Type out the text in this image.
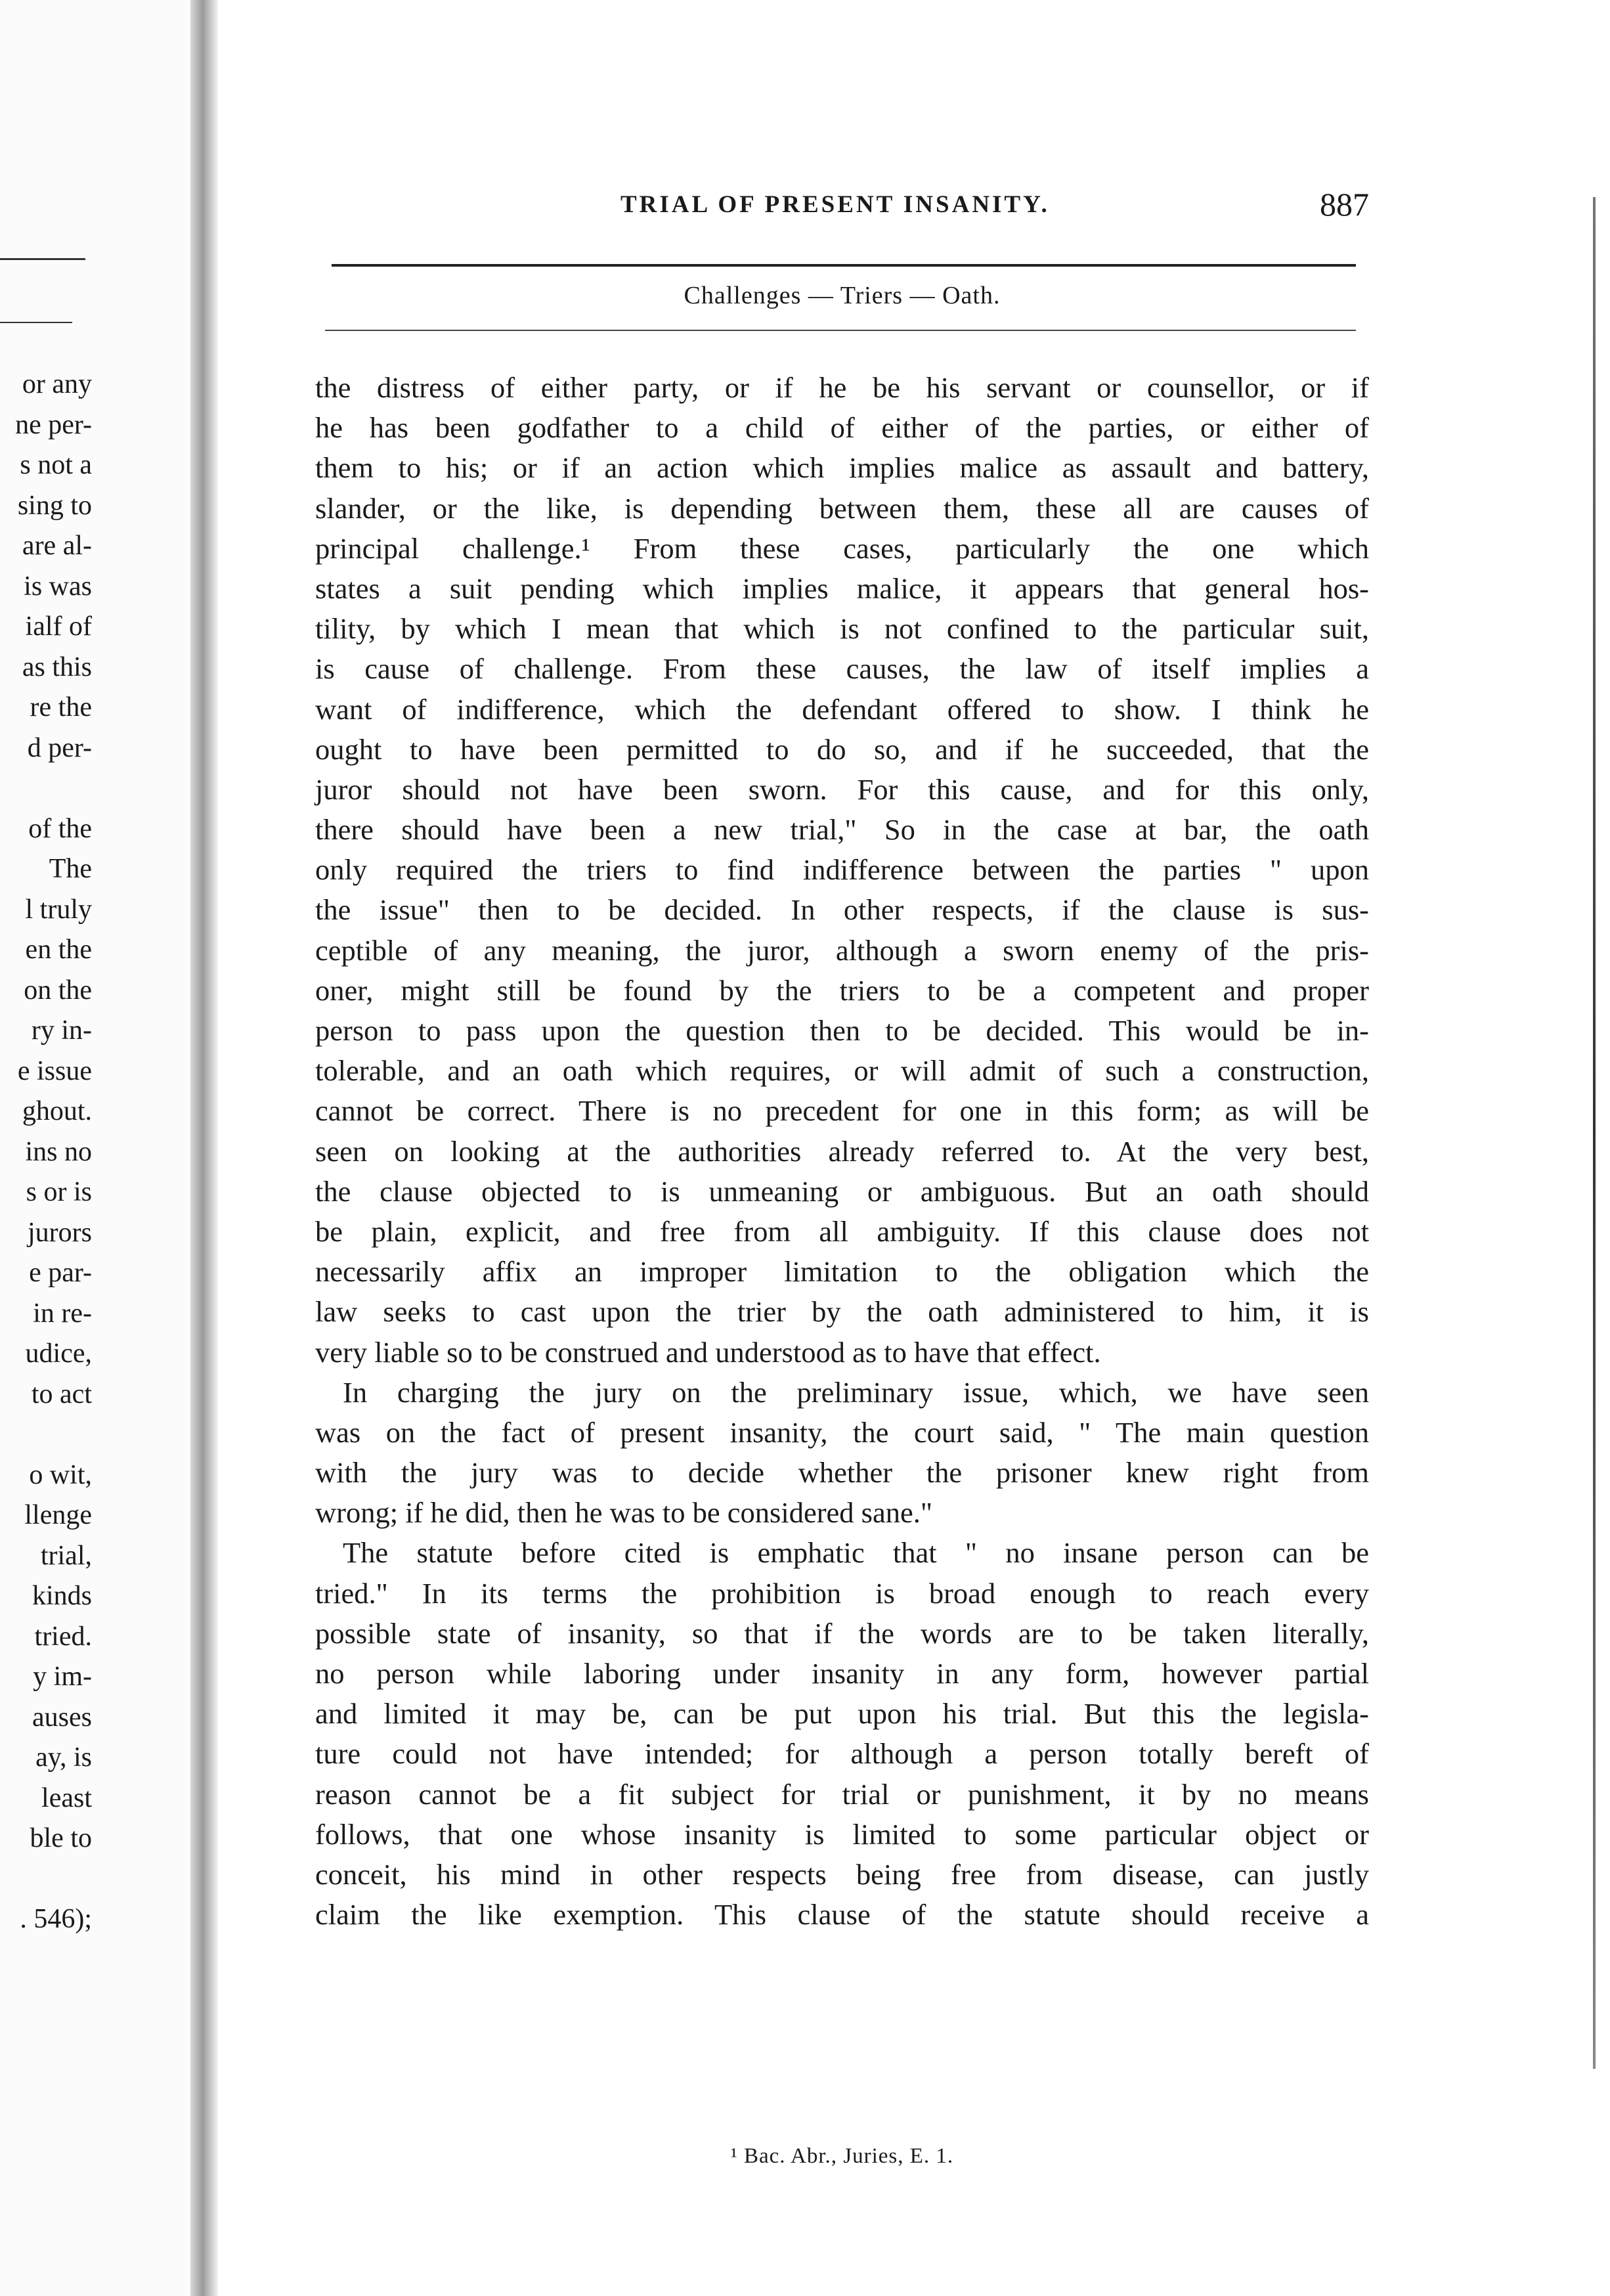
or any
ne per-
s not a
sing to
are al-
is was
ialf of
as this
re the
d per-

of the
The
l truly
en the
on the
ry in-
e issue
ghout.
ins no
s or is
jurors
e par-
in re-
udice,
to act

o wit,
llenge
trial,
kinds
tried.
y im-
auses
ay, is
least
ble to

. 546);
TRIAL OF PRESENT INSANITY.	887
Challenges — Triers — Oath.
the distress of either party, or if he be his servant or counsellor, or if
he has been godfather to a child of either of the parties, or either of
them to his; or if an action which implies malice as assault and battery,
slander, or the like, is depending between them, these all are causes of
principal challenge.¹ From these cases, particularly the one which
states a suit pending which implies malice, it appears that general hos-
tility, by which I mean that which is not confined to the particular suit,
is cause of challenge. From these causes, the law of itself implies a
want of indifference, which the defendant offered to show. I think he
ought to have been permitted to do so, and if he succeeded, that the
juror should not have been sworn. For this cause, and for this only,
there should have been a new trial," So in the case at bar, the oath
only required the triers to find indifference between the parties " upon
the issue" then to be decided. In other respects, if the clause is sus-
ceptible of any meaning, the juror, although a sworn enemy of the pris-
oner, might still be found by the triers to be a competent and proper
person to pass upon the question then to be decided. This would be in-
tolerable, and an oath which requires, or will admit of such a construction,
cannot be correct. There is no precedent for one in this form; as will be
seen on looking at the authorities already referred to. At the very best,
the clause objected to is unmeaning or ambiguous. But an oath should
be plain, explicit, and free from all ambiguity. If this clause does not
necessarily affix an improper limitation to the obligation which the
law seeks to cast upon the trier by the oath administered to him, it is
very liable so to be construed and understood as to have that effect.
In charging the jury on the preliminary issue, which, we have seen
was on the fact of present insanity, the court said, " The main question
with the jury was to decide whether the prisoner knew right from
wrong; if he did, then he was to be considered sane."
The statute before cited is emphatic that " no insane person can be
tried." In its terms the prohibition is broad enough to reach every
possible state of insanity, so that if the words are to be taken literally,
no person while laboring under insanity in any form, however partial
and limited it may be, can be put upon his trial. But this the legisla-
ture could not have intended; for although a person totally bereft of
reason cannot be a fit subject for trial or punishment, it by no means
follows, that one whose insanity is limited to some particular object or
conceit, his mind in other respects being free from disease, can justly
claim the like exemption. This clause of the statute should receive a
¹ Bac. Abr., Juries, E. 1.
